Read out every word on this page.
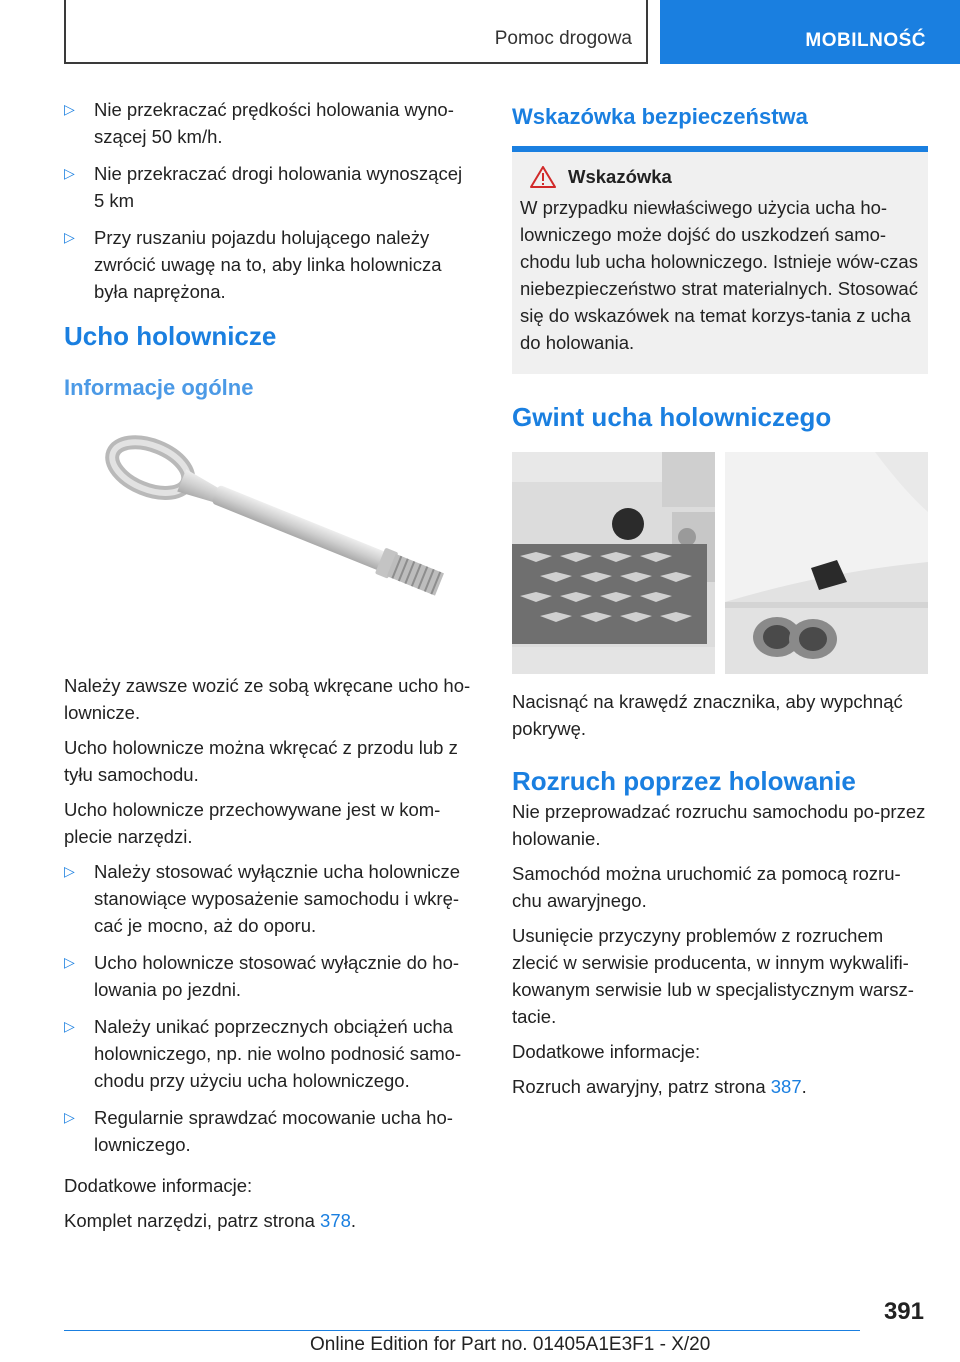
Pomoc drogowa	MOBILNOŚĆ
▷ Nie przekraczać prędkości holowania wyno-szącej 50 km/h.
▷ Nie przekraczać drogi holowania wynoszącej 5 km
▷ Przy ruszaniu pojazdu holującego należy zwrócić uwagę na to, aby linka holownicza była naprężona.
Ucho holownicze
Informacje ogólne

Należy zawsze wozić ze sobą wkręcane ucho ho-lownicze.

Ucho holownicze można wkręcać z przodu lub z tyłu samochodu.

Ucho holownicze przechowywane jest w kom-plecie narzędzi.

▷ Należy stosować wyłącznie ucha holownicze stanowiące wyposażenie samochodu i wkrę-cać je mocno, aż do oporu.
▷ Ucho holownicze stosować wyłącznie do ho-lowania po jezdni.
▷ Należy unikać poprzecznych obciążeń ucha holowniczego, np. nie wolno podnosić samo-chodu przy użyciu ucha holowniczego.
▷ Regularnie sprawdzać mocowanie ucha ho-lowniczego.

Dodatkowe informacje:

Komplet narzędzi, patrz strona 378.

Wskazówka bezpieczeństwa
Wskazówka

W przypadku niewłaściwego użycia ucha ho-lowniczego może dojść do uszkodzeń samo-chodu lub ucha holowniczego. Istnieje wów-czas niebezpieczeństwo strat materialnych. Stosować się do wskazówek na temat korzys-tania z ucha do holowania.

Gwint ucha holowniczego

Nacisnąć na krawędź znacznika, aby wypchnąć pokrywę.

Rozruch poprzez holowanie

Nie przeprowadzać rozruchu samochodu po-przez holowanie.

Samochód można uruchomić za pomocą rozru-chu awaryjnego.

Usunięcie przyczyny problemów z rozruchem zlecić w serwisie producenta, w innym wykwalifi-kowanym serwisie lub w specjalistycznym warsz-tacie.

Dodatkowe informacje:

Rozruch awaryjny, patrz strona 387.

391
Online Edition for Part no. 01405A1E3F1 - X/20
